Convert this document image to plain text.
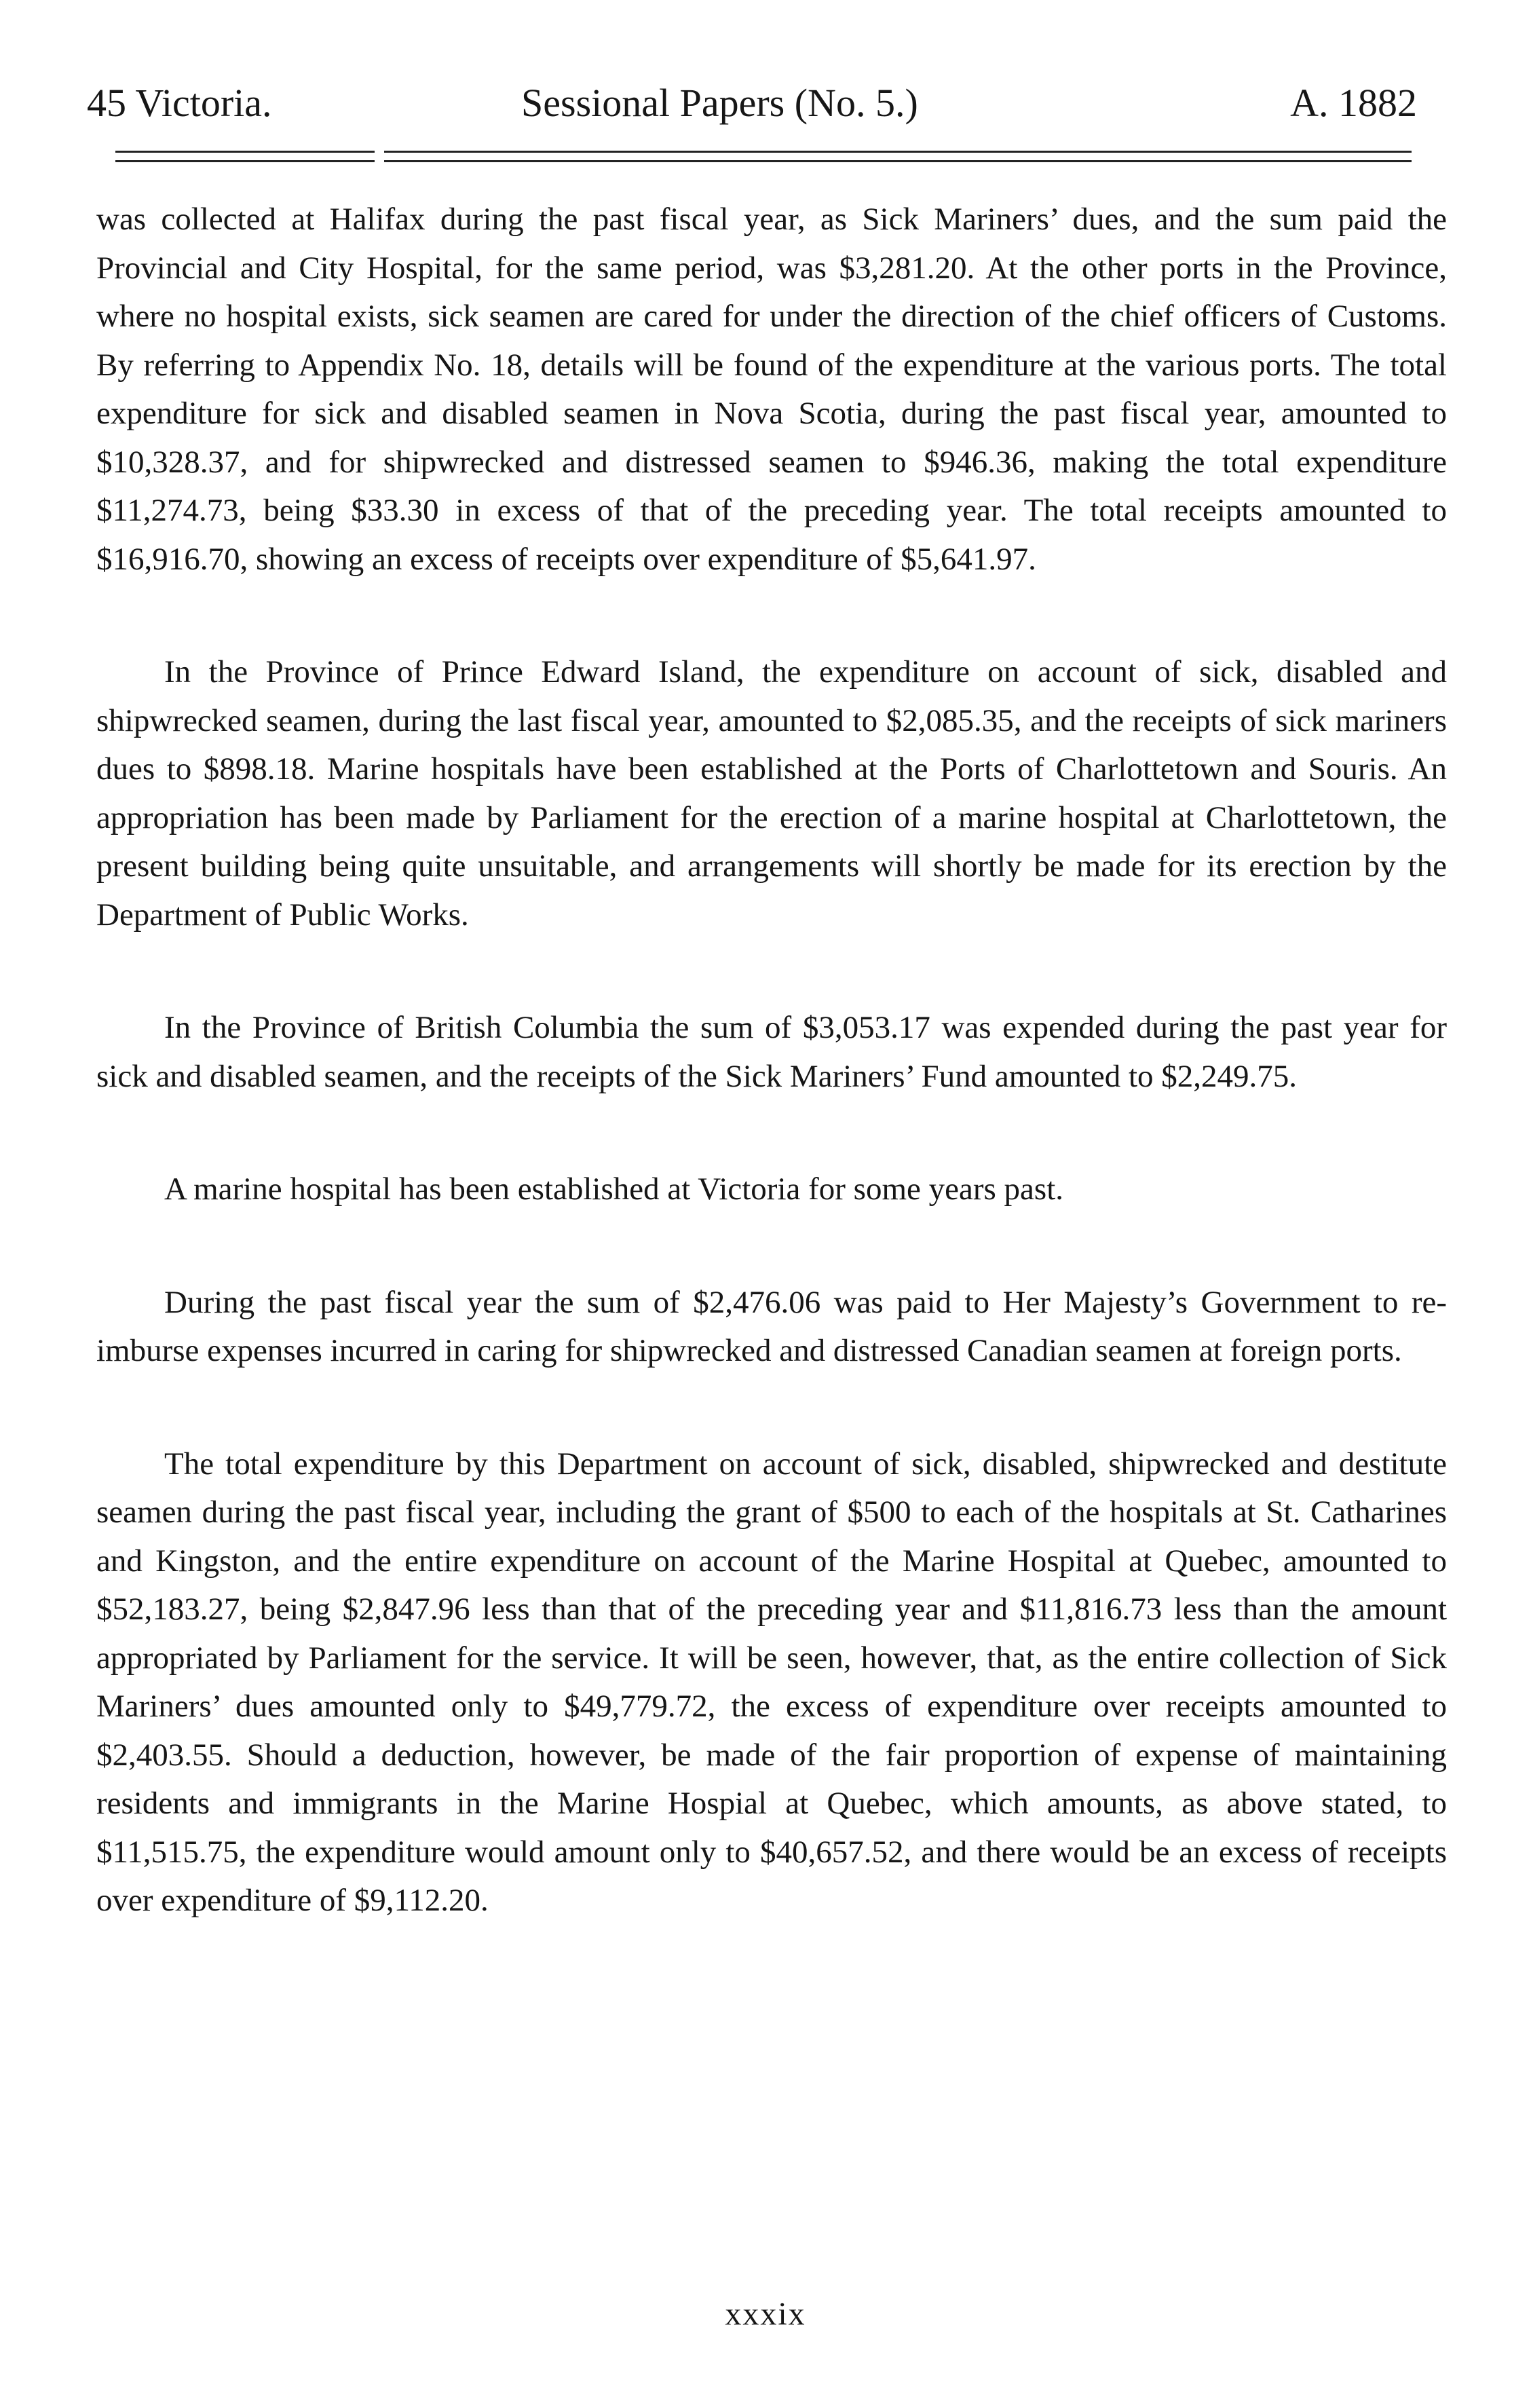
45 Victoria.	Sessional Papers (No. 5.)	A. 1882

was collected at Halifax during the past fiscal year, as Sick Mariners’ dues, and the sum paid the Provincial and City Hospital, for the same period, was $3,281.20. At the other ports in the Province, where no hospital exists, sick seamen are cared for under the direction of the chief officers of Customs. By referring to Appendix No. 18, details will be found of the expenditure at the various ports. The total expenditure for sick and disabled seamen in Nova Scotia, during the past fiscal year, amounted to $10,328.37, and for shipwrecked and distressed seamen to $946.36, making the total expenditure $11,274.73, being $33.30 in excess of that of the preceding year. The total receipts amounted to $16,916.70, showing an excess of receipts over expenditure of $5,641.97.

In the Province of Prince Edward Island, the expenditure on account of sick, disabled and shipwrecked seamen, during the last fiscal year, amounted to $2,085.35, and the receipts of sick mariners dues to $898.18. Marine hospitals have been established at the Ports of Charlottetown and Souris. An appropriation has been made by Parliament for the erection of a marine hospital at Charlottetown, the present building being quite unsuitable, and arrangements will shortly be made for its erection by the Department of Public Works.

In the Province of British Columbia the sum of $3,053.17 was expended during the past year for sick and disabled seamen, and the receipts of the Sick Mariners’ Fund amounted to $2,249.75.

A marine hospital has been established at Victoria for some years past.

During the past fiscal year the sum of $2,476.06 was paid to Her Majesty’s Government to re-imburse expenses incurred in caring for shipwrecked and distressed Canadian seamen at foreign ports.

The total expenditure by this Department on account of sick, disabled, shipwrecked and destitute seamen during the past fiscal year, including the grant of $500 to each of the hospitals at St. Catharines and Kingston, and the entire expenditure on account of the Marine Hospital at Quebec, amounted to $52,183.27, being $2,847.96 less than that of the preceding year and $11,816.73 less than the amount appropriated by Parliament for the service. It will be seen, however, that, as the entire collection of Sick Mariners’ dues amounted only to $49,779.72, the excess of expenditure over receipts amounted to $2,403.55. Should a deduction, however, be made of the fair proportion of expense of maintaining residents and immigrants in the Marine Hospial at Quebec, which amounts, as above stated, to $11,515.75, the expenditure would amount only to $40,657.52, and there would be an excess of receipts over expenditure of $9,112.20.

xxxix
